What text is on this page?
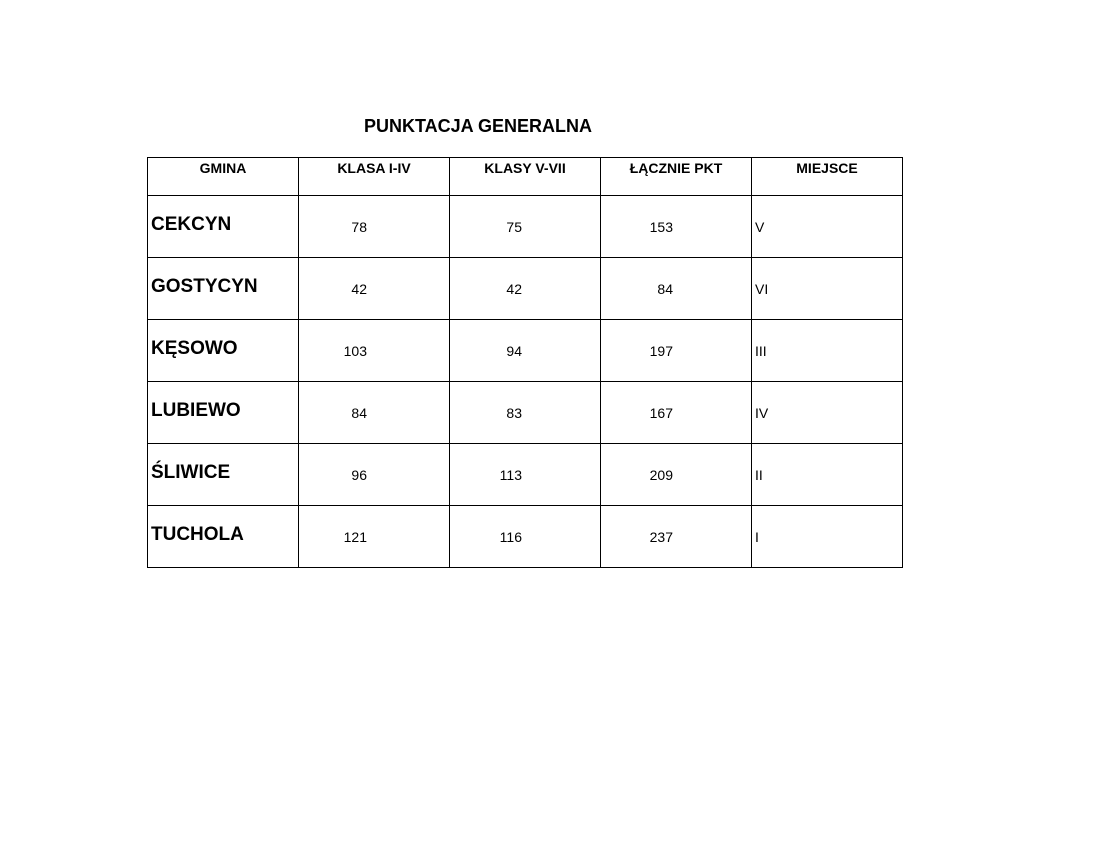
PUNKTACJA GENERALNA
GMINA	KLASA I-IV	KLASY V-VII	ŁĄCZNIE PKT	MIEJSCE
CEKCYN	78	75	153	V
GOSTYCYN	42	42	84	VI
KĘSOWO	103	94	197	III
LUBIEWO	84	83	167	IV
ŚLIWICE	96	113	209	II
TUCHOLA	121	116	237	I
